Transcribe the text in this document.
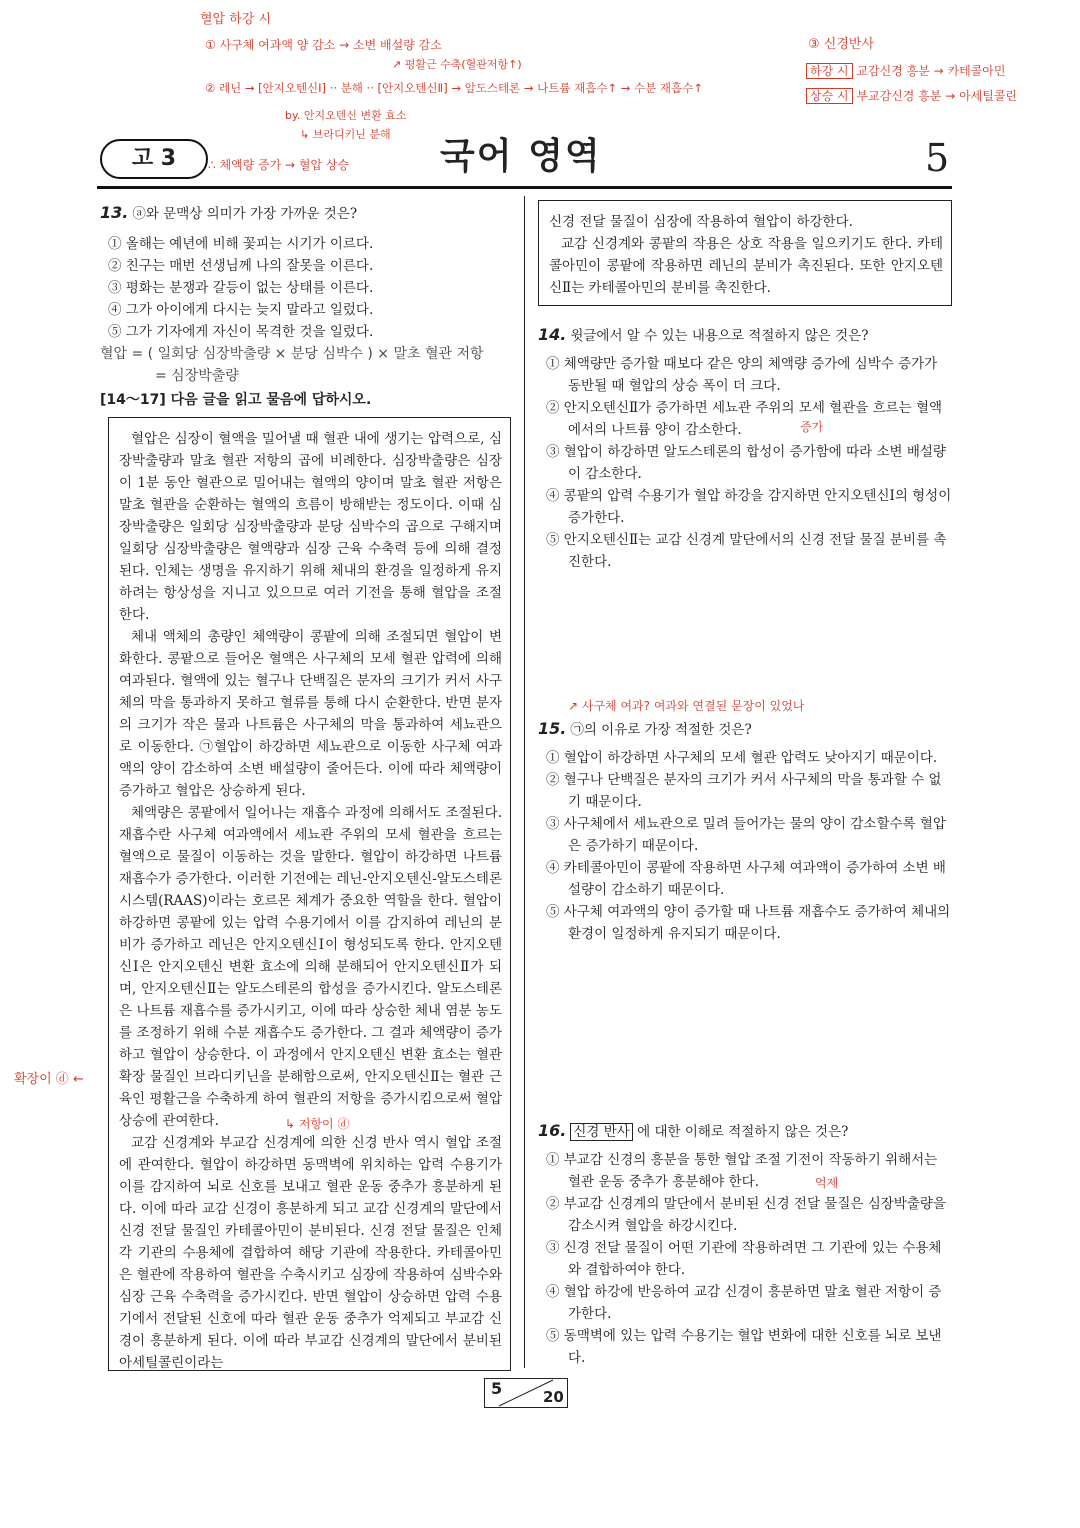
혈압 하강 시
① 사구체 여과액 양 감소 → 소변 배설량 감소
↗ 평활근 수축(혈관저항↑)
② 레닌 → [안지오텐신Ⅰ] ·· 분해 ·· [안지오텐신Ⅱ] → 알도스테론 → 나트륨 재흡수↑ → 수분 재흡수↑
by. 안지오텐신 변환 효소
↳ 브라디키닌 분해
③ 신경반사
하강 시 교감신경 흥분 → 카테콜아민
상승 시 부교감신경 흥분 → 아세틸콜린
고 3	∴ 체액량 증가 → 혈압 상승	국어 영역	5
13. ⓐ와 문맥상 의미가 가장 가까운 것은?
① 올해는 예년에 비해 꽃피는 시기가 이르다.
② 친구는 매번 선생님께 나의 잘못을 이른다.
③ 평화는 분쟁과 갈등이 없는 상태를 이른다.
④ 그가 아이에게 다시는 늦지 말라고 일렀다.
⑤ 그가 기자에게 자신이 목격한 것을 일렀다.
혈압 = ( 일회당 심장박출량 × 분당 심박수 ) × 말초 혈관 저항
= 심장박출량
[14～17] 다음 글을 읽고 물음에 답하시오.

혈압은 심장이 혈액을 밀어낼 때 혈관 내에 생기는 압력으로, 심장박출량과 말초 혈관 저항의 곱에 비례한다. 심장박출량은 심장이 1분 동안 혈관으로 밀어내는 혈액의 양이며 말초 혈관 저항은 말초 혈관을 순환하는 혈액의 흐름이 방해받는 정도이다. 이때 심장박출량은 일회당 심장박출량과 분당 심박수의 곱으로 구해지며 일회당 심장박출량은 혈액량과 심장 근육 수축력 등에 의해 결정된다. 인체는 생명을 유지하기 위해 체내의 환경을 일정하게 유지하려는 항상성을 지니고 있으므로 여러 기전을 통해 혈압을 조절한다.

체내 액체의 총량인 체액량이 콩팥에 의해 조절되면 혈압이 변화한다. 콩팥으로 들어온 혈액은 사구체의 모세 혈관 압력에 의해 여과된다. 혈액에 있는 혈구나 단백질은 분자의 크기가 커서 사구체의 막을 통과하지 못하고 혈류를 통해 다시 순환한다. 반면 분자의 크기가 작은 물과 나트륨은 사구체의 막을 통과하여 세뇨관으로 이동한다. ㉠혈압이 하강하면 세뇨관으로 이동한 사구체 여과액의 양이 감소하여 소변 배설량이 줄어든다. 이에 따라 체액량이 증가하고 혈압은 상승하게 된다.

체액량은 콩팥에서 일어나는 재흡수 과정에 의해서도 조절된다. 재흡수란 사구체 여과액에서 세뇨관 주위의 모세 혈관을 흐르는 혈액으로 물질이 이동하는 것을 말한다. 혈압이 하강하면 나트륨 재흡수가 증가한다. 이러한 기전에는 레닌-안지오텐신-알도스테론 시스템(RAAS)이라는 호르몬 체계가 중요한 역할을 한다. 혈압이 하강하면 콩팥에 있는 압력 수용기에서 이를 감지하여 레닌의 분비가 증가하고 레닌은 안지오텐신Ⅰ이 형성되도록 한다. 안지오텐신Ⅰ은 안지오텐신 변환 효소에 의해 분해되어 안지오텐신Ⅱ가 되며, 안지오텐신Ⅱ는 알도스테론의 합성을 증가시킨다. 알도스테론은 나트륨 재흡수를 증가시키고, 이에 따라 상승한 체내 염분 농도를 조정하기 위해 수분 재흡수도 증가한다. 그 결과 체액량이 증가하고 혈압이 상승한다. 이 과정에서 안지오텐신 변환 효소는 혈관 확장 물질인 브라디키닌을 분해함으로써, 안지오텐신Ⅱ는 혈관 근육인 평활근을 수축하게 하여 혈관의 저항을 증가시킴으로써 혈압 상승에 관여한다.

교감 신경계와 부교감 신경계에 의한 신경 반사 역시 혈압 조절에 관여한다. 혈압이 하강하면 동맥벽에 위치하는 압력 수용기가 이를 감지하여 뇌로 신호를 보내고 혈관 운동 중추가 흥분하게 된다. 이에 따라 교감 신경이 흥분하게 되고 교감 신경계의 말단에서 신경 전달 물질인 카테콜아민이 분비된다. 신경 전달 물질은 인체 각 기관의 수용체에 결합하여 해당 기관에 작용한다. 카테콜아민은 혈관에 작용하여 혈관을 수축시키고 심장에 작용하여 심박수와 심장 근육 수축력을 증가시킨다. 반면 혈압이 상승하면 압력 수용기에서 전달된 신호에 따라 혈관 운동 중추가 억제되고 부교감 신경이 흥분하게 된다. 이에 따라 부교감 신경계의 말단에서 분비된 아세틸콜린이라는

확장이 ⓓ ←
↳ 저항이 ⓓ

신경 전달 물질이 심장에 작용하여 혈압이 하강한다.

교감 신경계와 콩팥의 작용은 상호 작용을 일으키기도 한다. 카테콜아민이 콩팥에 작용하면 레닌의 분비가 촉진된다. 또한 안지오텐신Ⅱ는 카테콜아민의 분비를 촉진한다.

14. 윗글에서 알 수 있는 내용으로 적절하지 않은 것은?
① 체액량만 증가할 때보다 같은 양의 체액량 증가에 심박수 증가가 동반될 때 혈압의 상승 폭이 더 크다.
② 안지오텐신Ⅱ가 증가하면 세뇨관 주위의 모세 혈관을 흐르는 혈액에서의 나트륨 양이 감소한다.
③ 혈압이 하강하면 알도스테론의 합성이 증가함에 따라 소변 배설량이 감소한다.
④ 콩팥의 압력 수용기가 혈압 하강을 감지하면 안지오텐신Ⅰ의 형성이 증가한다.
⑤ 안지오텐신Ⅱ는 교감 신경계 말단에서의 신경 전달 물질 분비를 촉진한다.
증가
↗ 사구체 여과? 여과와 연결된 문장이 있었나
15. ㉠의 이유로 가장 적절한 것은?
① 혈압이 하강하면 사구체의 모세 혈관 압력도 낮아지기 때문이다.
② 혈구나 단백질은 분자의 크기가 커서 사구체의 막을 통과할 수 없기 때문이다.
③ 사구체에서 세뇨관으로 밀려 들어가는 물의 양이 감소할수록 혈압은 증가하기 때문이다.
④ 카테콜아민이 콩팥에 작용하면 사구체 여과액이 증가하여 소변 배설량이 감소하기 때문이다.
⑤ 사구체 여과액의 양이 증가할 때 나트륨 재흡수도 증가하여 체내의 환경이 일정하게 유지되기 때문이다.
16. 신경 반사 에 대한 이해로 적절하지 않은 것은?
① 부교감 신경의 흥분을 통한 혈압 조절 기전이 작동하기 위해서는 혈관 운동 중추가 흥분해야 한다.
② 부교감 신경계의 말단에서 분비된 신경 전달 물질은 심장박출량을 감소시켜 혈압을 하강시킨다.
③ 신경 전달 물질이 어떤 기관에 작용하려면 그 기관에 있는 수용체와 결합하여야 한다.
④ 혈압 하강에 반응하여 교감 신경이 흥분하면 말초 혈관 저항이 증가한다.
⑤ 동맥벽에 있는 압력 수용기는 혈압 변화에 대한 신호를 뇌로 보낸다.
억제
5	20
